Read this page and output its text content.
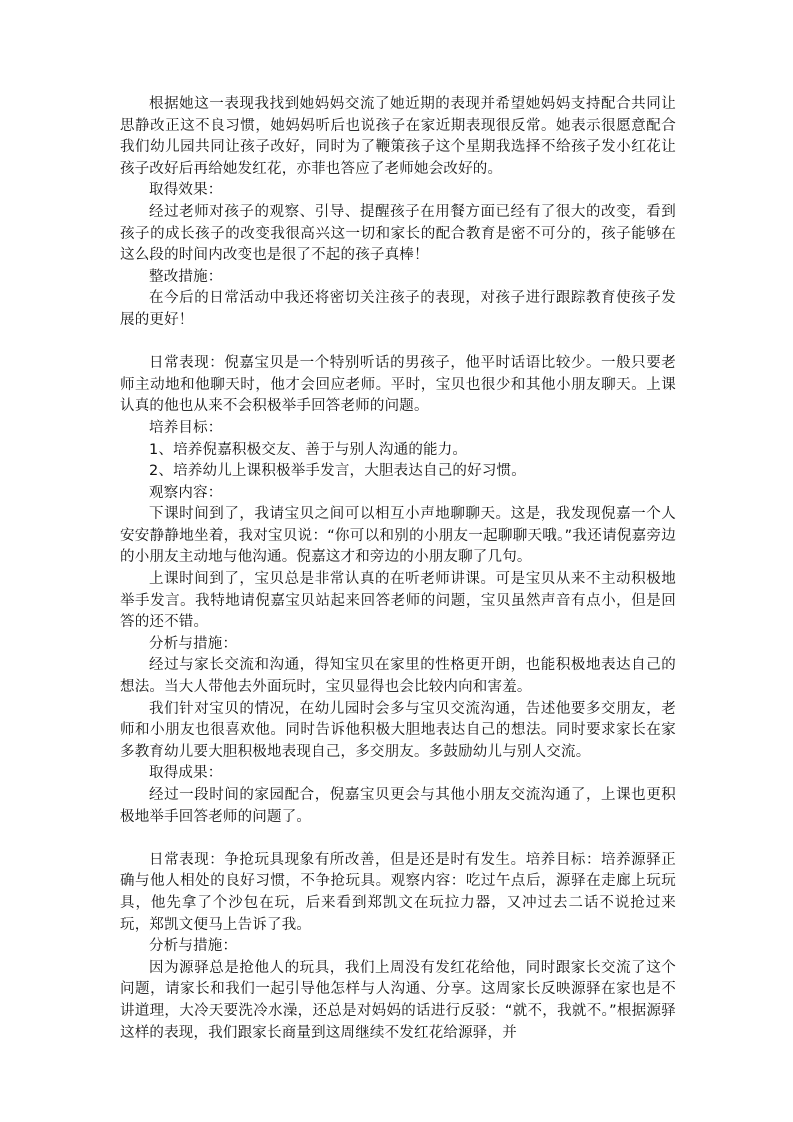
根据她这一表现我找到她妈妈交流了她近期的表现并希望她妈妈支持配合共同让思静改正这不良习惯，她妈妈听后也说孩子在家近期表现很反常。她表示很愿意配合我们幼儿园共同让孩子改好，同时为了鞭策孩子这个星期我选择不给孩子发小红花让孩子改好后再给她发红花，亦菲也答应了老师她会改好的。

取得效果：

经过老师对孩子的观察、引导、提醒孩子在用餐方面已经有了很大的改变，看到孩子的成长孩子的改变我很高兴这一切和家长的配合教育是密不可分的，孩子能够在这么段的时间内改变也是很了不起的孩子真棒！

整改措施：

在今后的日常活动中我还将密切关注孩子的表现，对孩子进行跟踪教育使孩子发展的更好！

日常表现：倪嘉宝贝是一个特别听话的男孩子，他平时话语比较少。一般只要老师主动地和他聊天时，他才会回应老师。平时，宝贝也很少和其他小朋友聊天。上课认真的他也从来不会积极举手回答老师的问题。

培养目标：

1、培养倪嘉积极交友、善于与别人沟通的能力。

2、培养幼儿上课积极举手发言，大胆表达自己的好习惯。

观察内容：

下课时间到了，我请宝贝之间可以相互小声地聊聊天。这是，我发现倪嘉一个人安安静静地坐着，我对宝贝说：“你可以和别的小朋友一起聊聊天哦。”我还请倪嘉旁边的小朋友主动地与他沟通。倪嘉这才和旁边的小朋友聊了几句。

上课时间到了，宝贝总是非常认真的在听老师讲课。可是宝贝从来不主动积极地举手发言。我特地请倪嘉宝贝站起来回答老师的问题，宝贝虽然声音有点小，但是回答的还不错。

分析与措施：

经过与家长交流和沟通，得知宝贝在家里的性格更开朗，也能积极地表达自己的想法。当大人带他去外面玩时，宝贝显得也会比较内向和害羞。

我们针对宝贝的情况，在幼儿园时会多与宝贝交流沟通，告述他要多交朋友，老师和小朋友也很喜欢他。同时告诉他积极大胆地表达自己的想法。同时要求家长在家多教育幼儿要大胆积极地表现自己，多交朋友。多鼓励幼儿与别人交流。

取得成果：

经过一段时间的家园配合，倪嘉宝贝更会与其他小朋友交流沟通了，上课也更积极地举手回答老师的问题了。

日常表现：争抢玩具现象有所改善，但是还是时有发生。培养目标：培养源驿正确与他人相处的良好习惯，不争抢玩具。观察内容：吃过午点后，源驿在走廊上玩玩具，他先拿了个沙包在玩，后来看到郑凯文在玩拉力器，又冲过去二话不说抢过来玩，郑凯文便马上告诉了我。

分析与措施：

因为源驿总是抢他人的玩具，我们上周没有发红花给他，同时跟家长交流了这个问题，请家长和我们一起引导他怎样与人沟通、分享。这周家长反映源驿在家也是不讲道理，大冷天要洗冷水澡，还总是对妈妈的话进行反驳：“就不，我就不。”根据源驿这样的表现，我们跟家长商量到这周继续不发红花给源驿，并
